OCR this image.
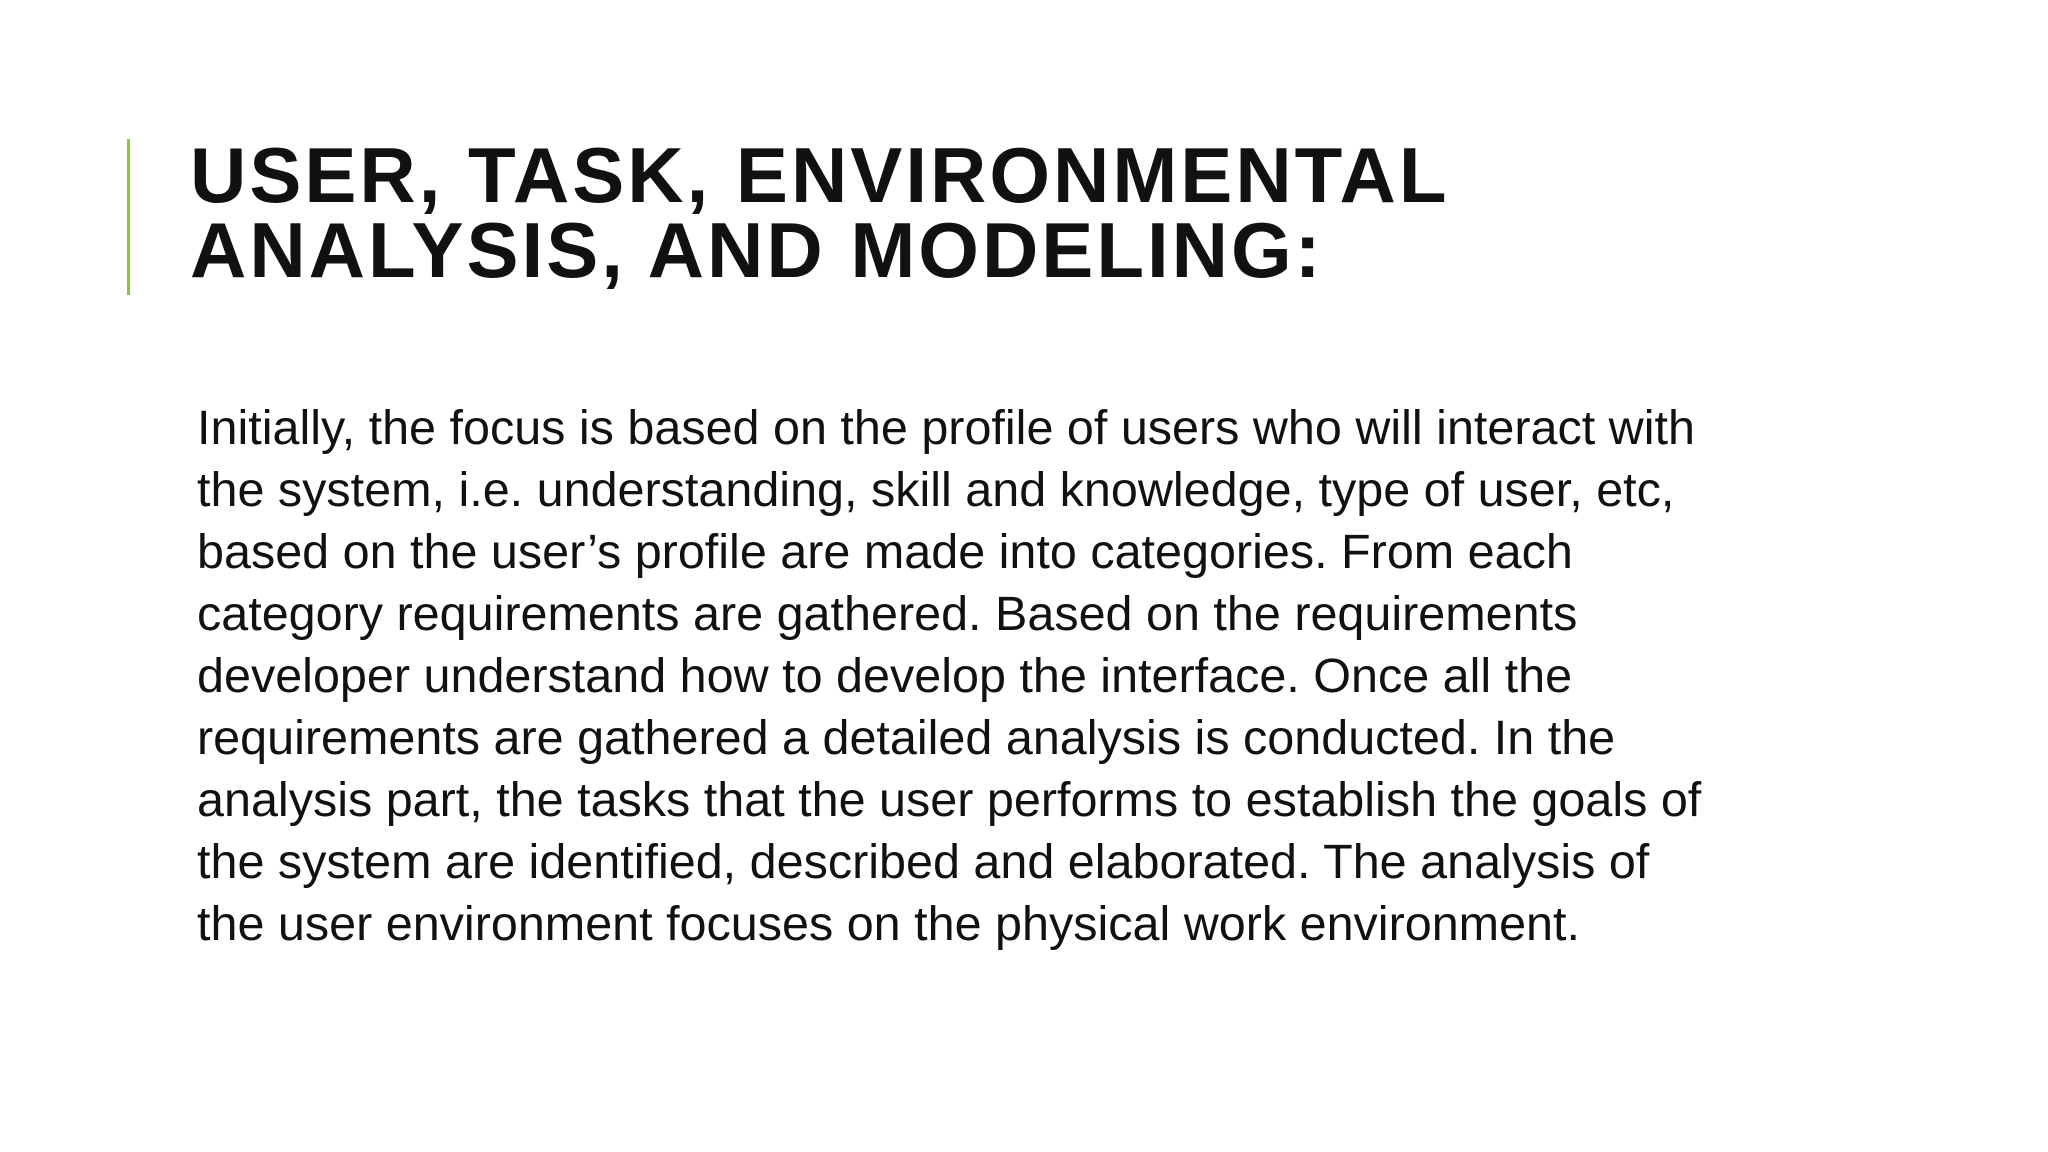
USER, TASK, ENVIRONMENTAL
ANALYSIS, AND MODELING:

Initially, the focus is based on the profile of users who will interact with
the system, i.e. understanding, skill and knowledge, type of user, etc,
based on the user’s profile are made into categories. From each
category requirements are gathered. Based on the requirements
developer understand how to develop the interface. Once all the
requirements are gathered a detailed analysis is conducted. In the
analysis part, the tasks that the user performs to establish the goals of
the system are identified, described and elaborated. The analysis of
the user environment focuses on the physical work environment.
